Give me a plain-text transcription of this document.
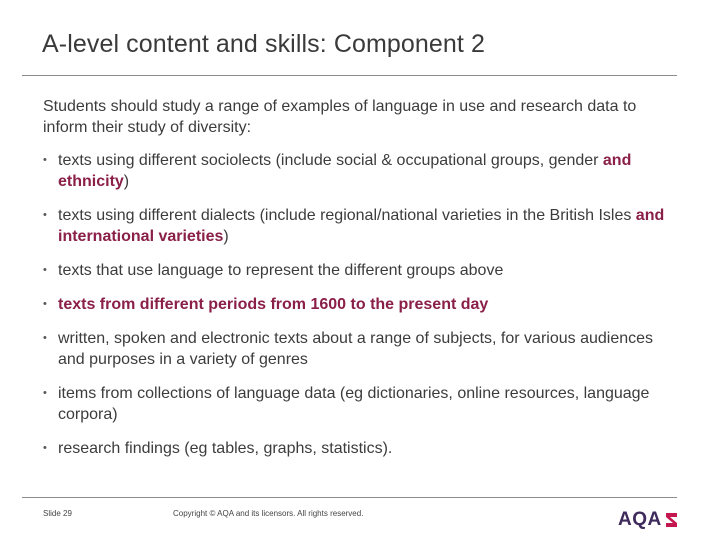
A-level content and skills: Component 2
Students should study a range of examples of language in use and research data to inform their study of diversity:
• texts using different sociolects (include social & occupational groups, gender and ethnicity)
• texts using different dialects (include regional/national varieties in the British Isles and international varieties)
• texts that use language to represent the different groups above
• texts from different periods from 1600 to the present day
• written, spoken and electronic texts about a range of subjects, for various audiences and purposes in a variety of genres
• items from collections of language data (eg dictionaries, online resources, language corpora)
• research findings (eg tables, graphs, statistics).
Slide 29	Copyright © AQA and its licensors. All rights reserved.	AQA
